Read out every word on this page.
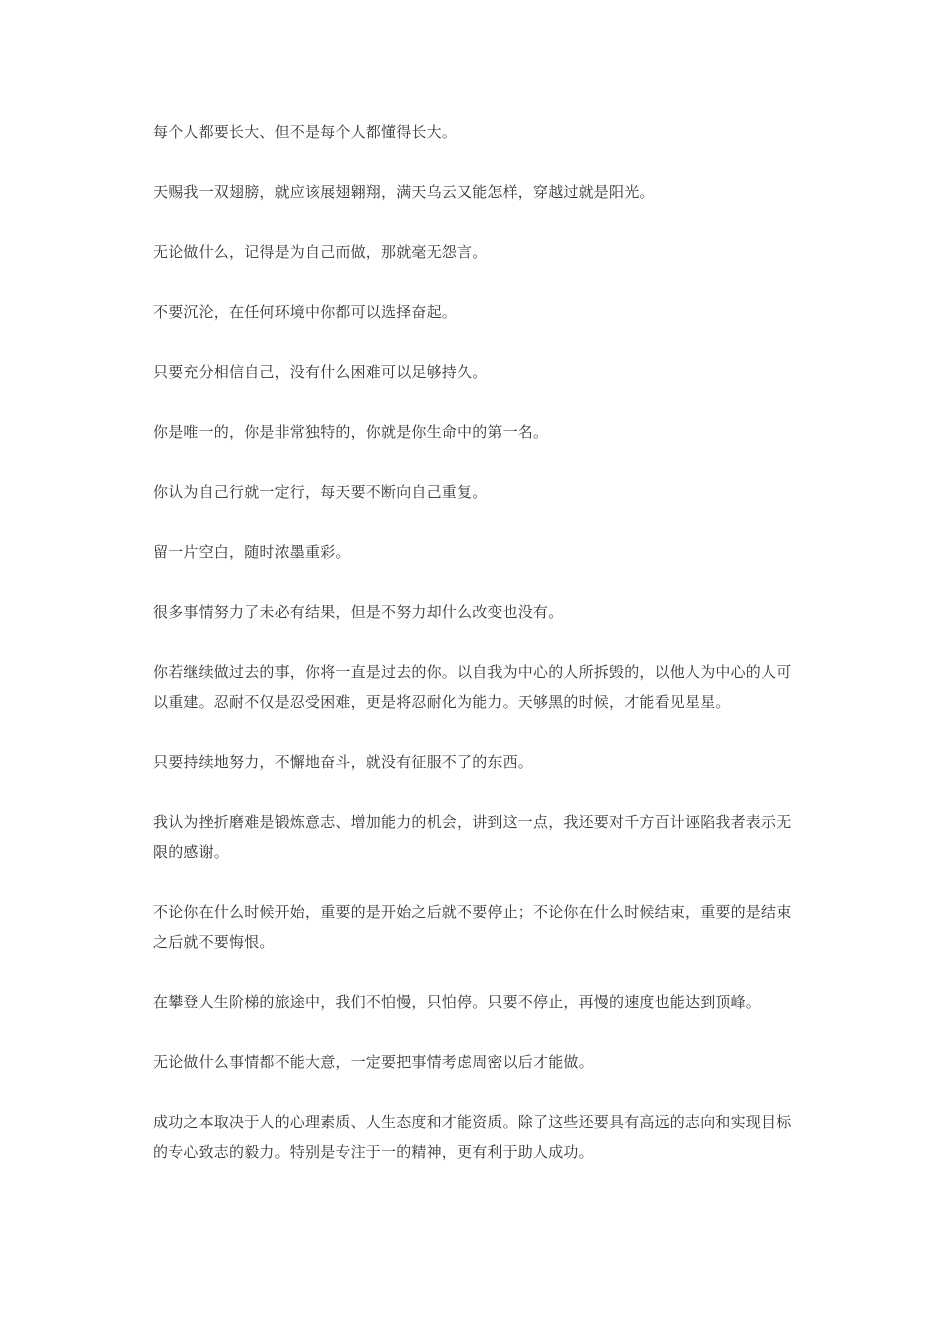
每个人都要长大、但不是每个人都懂得长大。

天赐我一双翅膀，就应该展翅翱翔，满天乌云又能怎样，穿越过就是阳光。

无论做什么，记得是为自己而做，那就毫无怨言。

不要沉沦，在任何环境中你都可以选择奋起。

只要充分相信自己，没有什么困难可以足够持久。

你是唯一的，你是非常独特的，你就是你生命中的第一名。

你认为自己行就一定行，每天要不断向自己重复。

留一片空白，随时浓墨重彩。

很多事情努力了未必有结果，但是不努力却什么改变也没有。

你若继续做过去的事，你将一直是过去的你。以自我为中心的人所拆毁的，以他人为中心的人可以重建。忍耐不仅是忍受困难，更是将忍耐化为能力。天够黑的时候，才能看见星星。

只要持续地努力，不懈地奋斗，就没有征服不了的东西。

我认为挫折磨难是锻炼意志、增加能力的机会，讲到这一点，我还要对千方百计诬陷我者表示无限的感谢。

不论你在什么时候开始，重要的是开始之后就不要停止；不论你在什么时候结束，重要的是结束之后就不要悔恨。

在攀登人生阶梯的旅途中，我们不怕慢，只怕停。只要不停止，再慢的速度也能达到顶峰。

无论做什么事情都不能大意，一定要把事情考虑周密以后才能做。

成功之本取决于人的心理素质、人生态度和才能资质。除了这些还要具有高远的志向和实现目标的专心致志的毅力。特别是专注于一的精神，更有利于助人成功。
